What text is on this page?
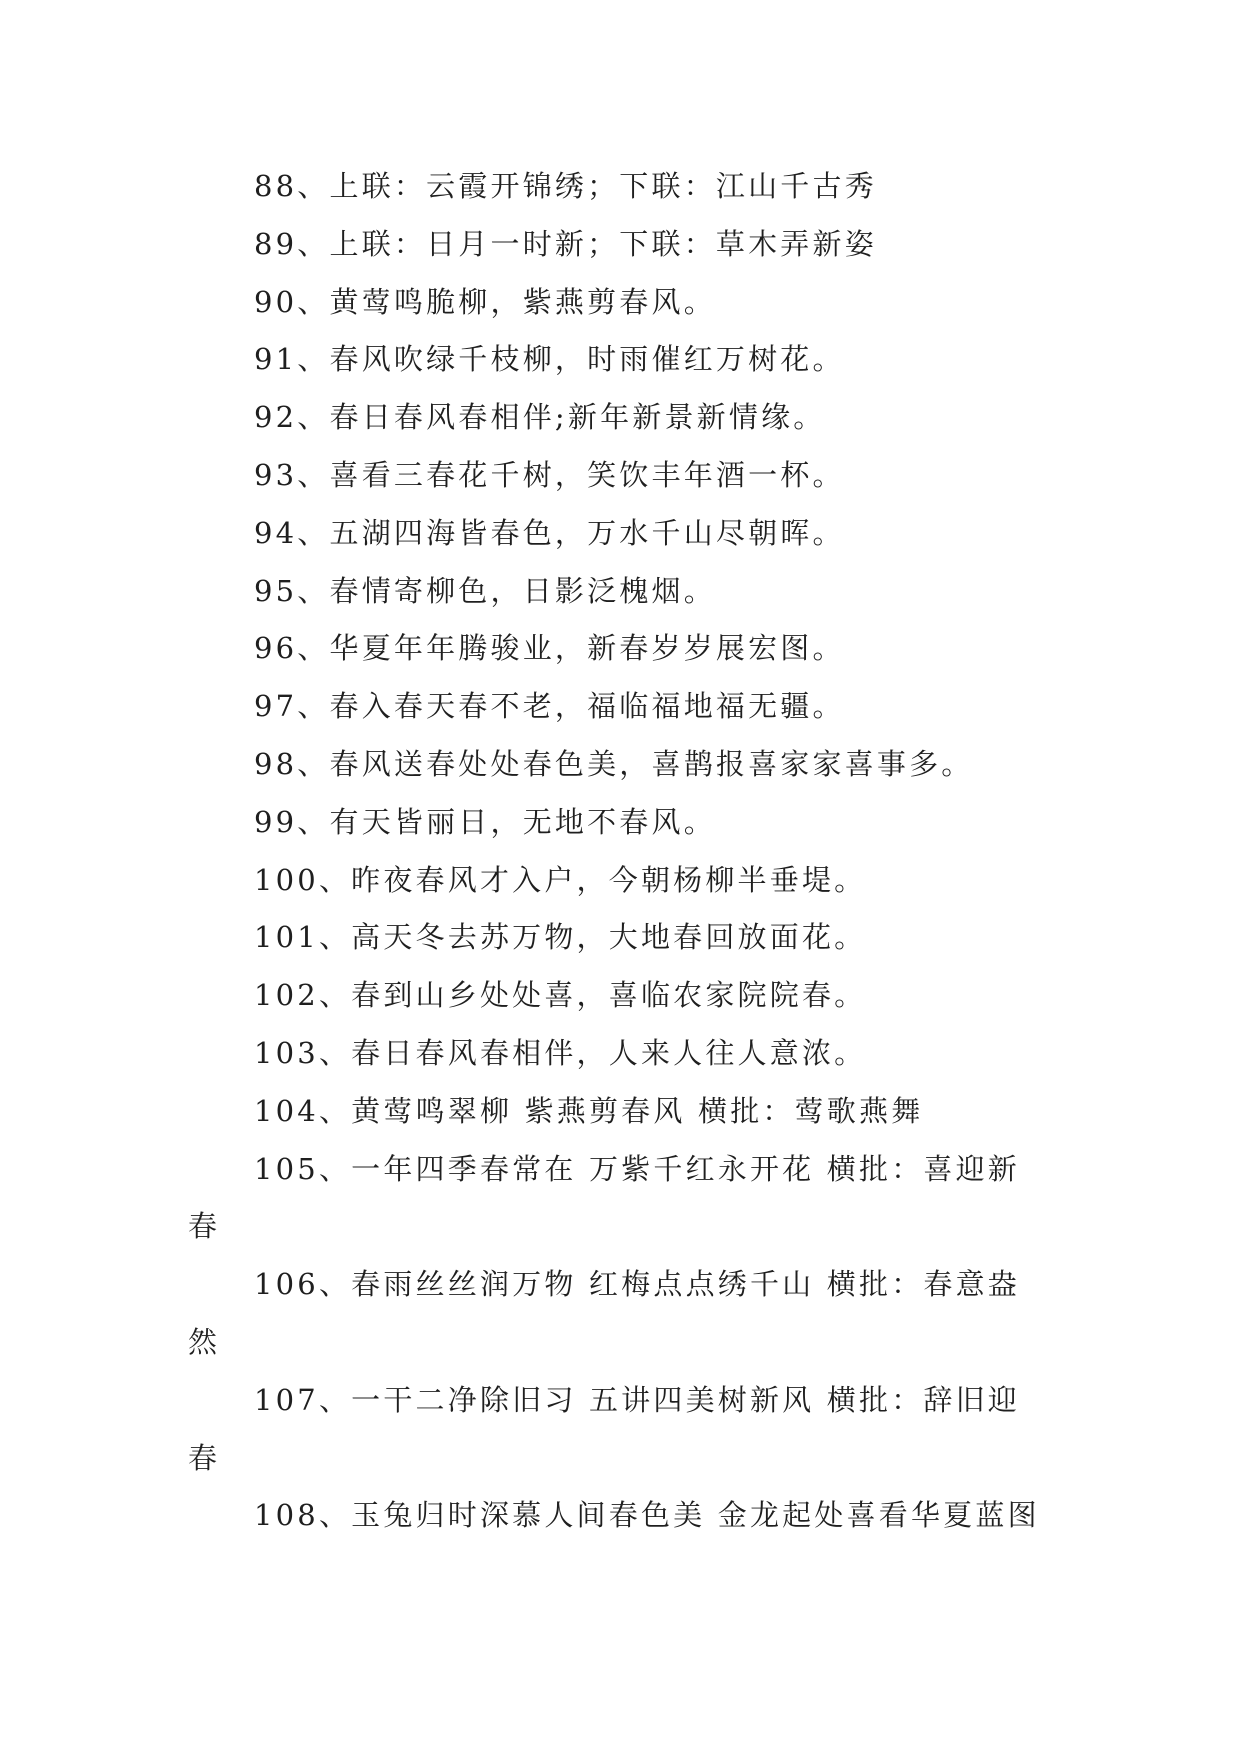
88、上联：云霞开锦绣；下联：江山千古秀

89、上联：日月一时新；下联：草木弄新姿

90、黄莺鸣脆柳，紫燕剪春风。

91、春风吹绿千枝柳，时雨催红万树花。

92、春日春风春相伴;新年新景新情缘。

93、喜看三春花千树，笑饮丰年酒一杯。

94、五湖四海皆春色，万水千山尽朝晖。

95、春情寄柳色，日影泛槐烟。

96、华夏年年腾骏业，新春岁岁展宏图。

97、春入春天春不老，福临福地福无疆。

98、春风送春处处春色美，喜鹊报喜家家喜事多。

99、有天皆丽日，无地不春风。

100、昨夜春风才入户，今朝杨柳半垂堤。

101、高天冬去苏万物，大地春回放面花。

102、春到山乡处处喜，喜临农家院院春。

103、春日春风春相伴，人来人往人意浓。

104、黄莺鸣翠柳 紫燕剪春风 横批：莺歌燕舞

105、一年四季春常在 万紫千红永开花 横批：喜迎新春

106、春雨丝丝润万物 红梅点点绣千山 横批：春意盎然

107、一干二净除旧习 五讲四美树新风 横批：辞旧迎春

108、玉兔归时深慕人间春色美 金龙起处喜看华夏蓝图
